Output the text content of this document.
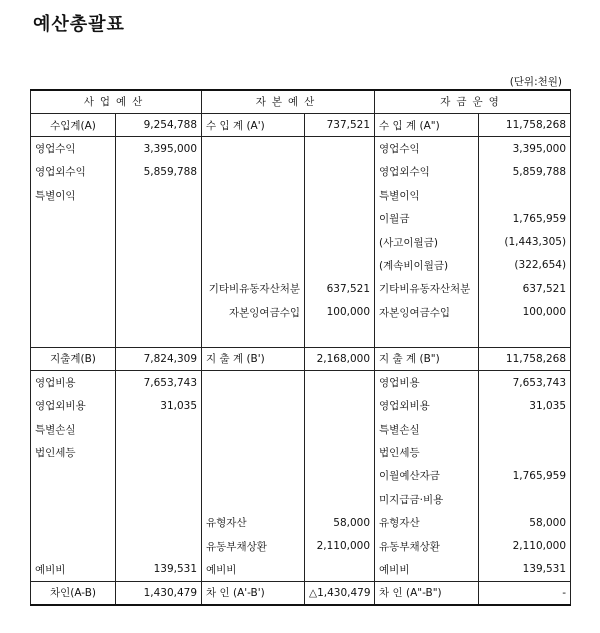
예산총괄표
(단위:천원)
사업예산		자본예산		자금운영	
수입계(A)	9,254,788	수 입 계 (A')	737,521	수 입 계 (A")	11,758,268
영업수익	3,395,000			영업수익	3,395,000
영업외수익	5,859,788			영업외수익	5,859,788
특별이익				특별이익	
				이월금	1,765,959
				(사고이월금)	(1,443,305)
				(계속비이월금)	(322,654)
		기타비유동자산처분	637,521	기타비유동자산처분	637,521
		자본잉여금수입	100,000	자본잉여금수입	100,000

지출계(B)	7,824,309	지 출 계 (B')	2,168,000	지 출 계 (B")	11,758,268
영업비용	7,653,743			영업비용	7,653,743
영업외비용	31,035			영업외비용	31,035
특별손실				특별손실	
법인세등				법인세등	
				이월예산자금	1,765,959
				미지급금·비용	
		유형자산	58,000	유형자산	58,000
		유동부채상환	2,110,000	유동부채상환	2,110,000
예비비	139,531	예비비		예비비	139,531
차인(A-B)	1,430,479	차 인 (A'-B')	△1,430,479	차 인 (A"-B")	-
